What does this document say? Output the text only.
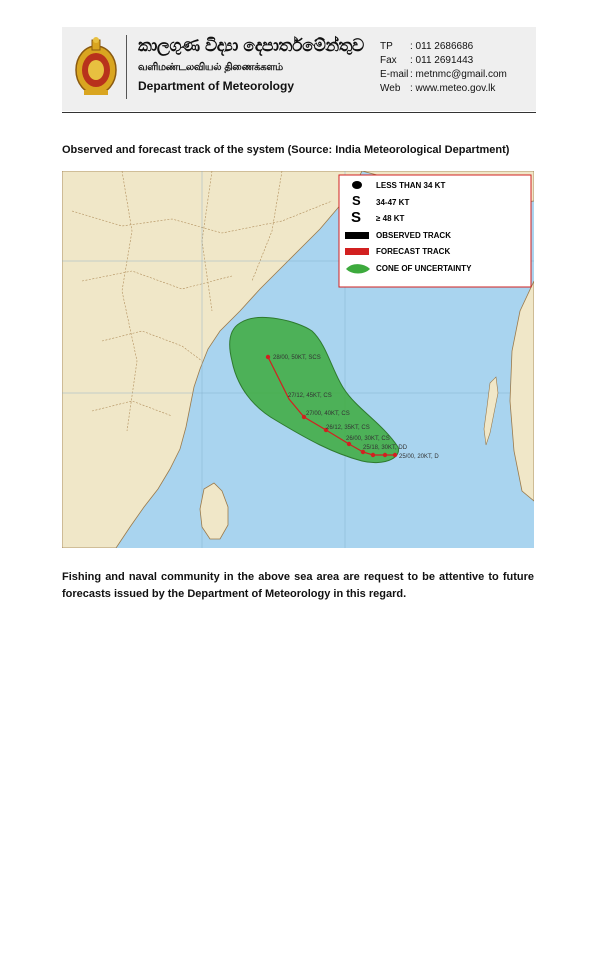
කාලගුණ විද්‍යා දෙපාර්තමේන්තුව
வளிமண்டலவியல் திணைக்களம்
Department of Meteorology
TP	: 011 2686686
Fax	: 011 2691443
E-mail : metnmc@gmail.com
Web : www.meteo.gov.lk
Observed and forecast track of the system (Source: India Meteorological Department)
28/00, 50KT, SCS
27/12, 45KT, CS
27/00, 40KT, CS
26/12, 35KT, CS
26/00, 30KT, CS
25/18, 30KT, DD
25/00, 20KT, D
LESS THAN 34 KT
S 34-47 KT
S ≥ 48 KT
OBSERVED TRACK
FORECAST TRACK
CONE OF UNCERTAINTY
Fishing and naval community in the above sea area are request to be attentive to future forecasts issued by the Department of Meteorology in this regard.
